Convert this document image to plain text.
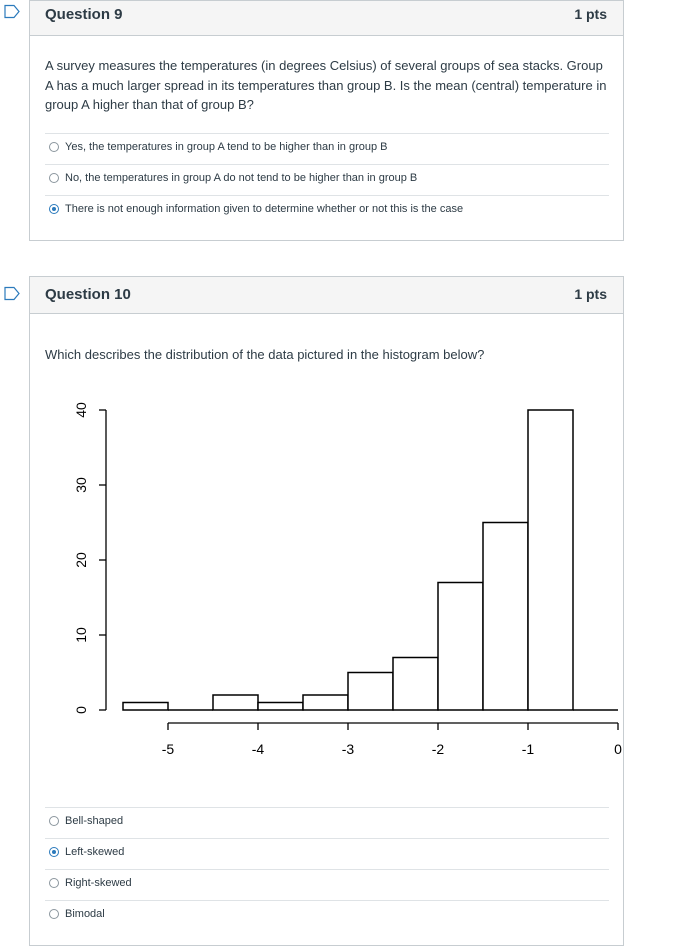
Question 9	1 pts
A survey measures the temperatures (in degrees Celsius) of several groups of sea stacks. Group A has a much larger spread in its temperatures than group B. Is the mean (central) temperature in group A higher than that of group B?
Yes, the temperatures in group A tend to be higher than in group B
No, the temperatures in group A do not tend to be higher than in group B
There is not enough information given to determine whether or not this is the case
Question 10	1 pts
Which describes the distribution of the data pictured in the histogram below?
0
10
20
30
40
-5	-4	-3	-2	-1	0
Bell-shaped
Left-skewed
Right-skewed
Bimodal
